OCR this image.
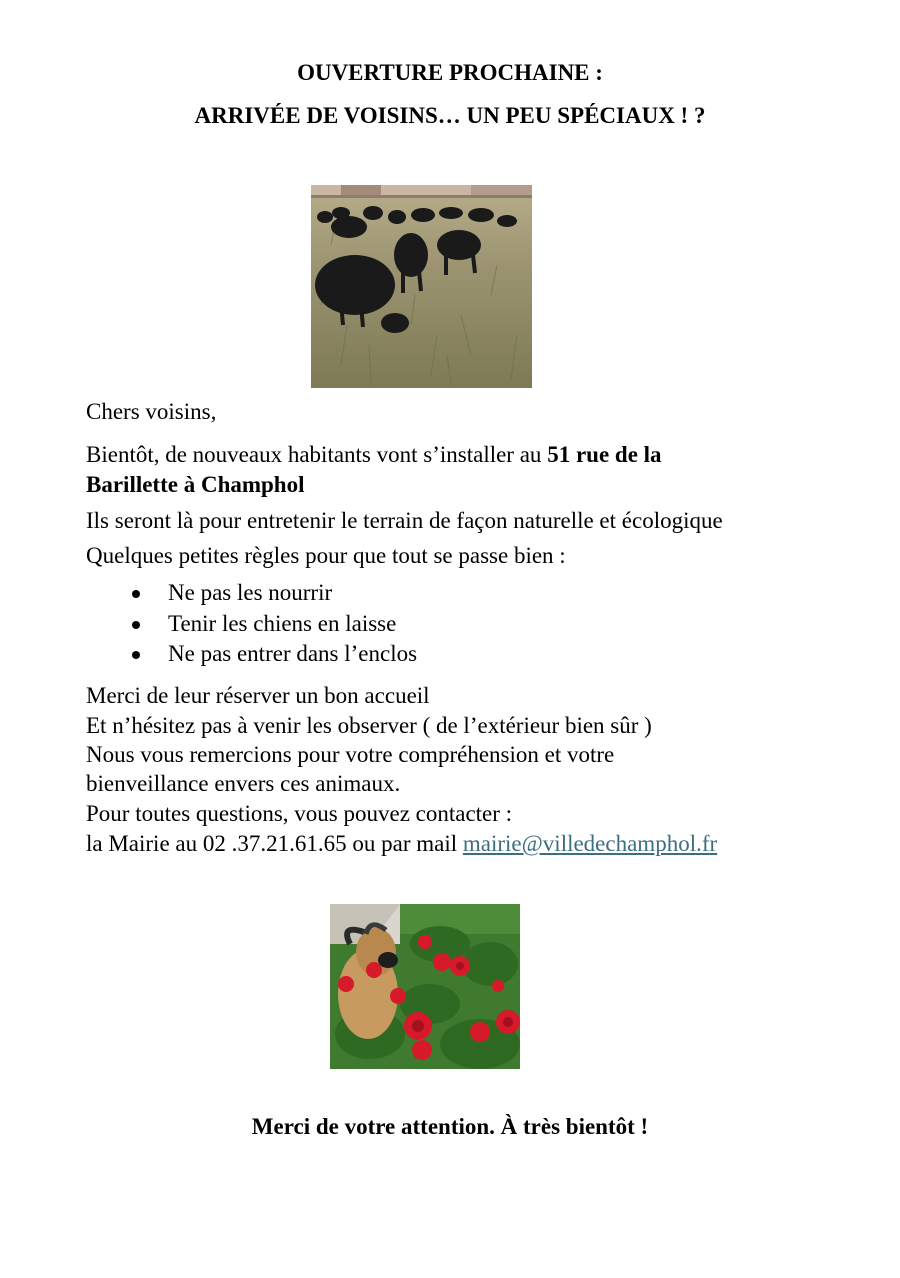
OUVERTURE PROCHAINE :
ARRIVÉE DE VOISINS… UN PEU SPÉCIAUX ! ?
Chers voisins,
Bientôt, de nouveaux habitants vont s’installer au 51 rue de la
Barillette à Champhol
Ils seront là pour entretenir le terrain de façon naturelle et écologique
Quelques petites règles pour que tout se passe bien :
Ne pas les nourrir
Tenir les chiens en laisse
Ne pas entrer dans l’enclos
Merci de leur réserver un bon accueil
Et n’hésitez pas à venir les observer ( de l’extérieur bien sûr )
Nous vous remercions pour votre compréhension et votre
bienveillance envers ces animaux.
Pour toutes questions, vous pouvez contacter :
la Mairie au 02 .37.21.61.65 ou par mail mairie@villedechamphol.fr
Merci de votre attention. À très bientôt !
